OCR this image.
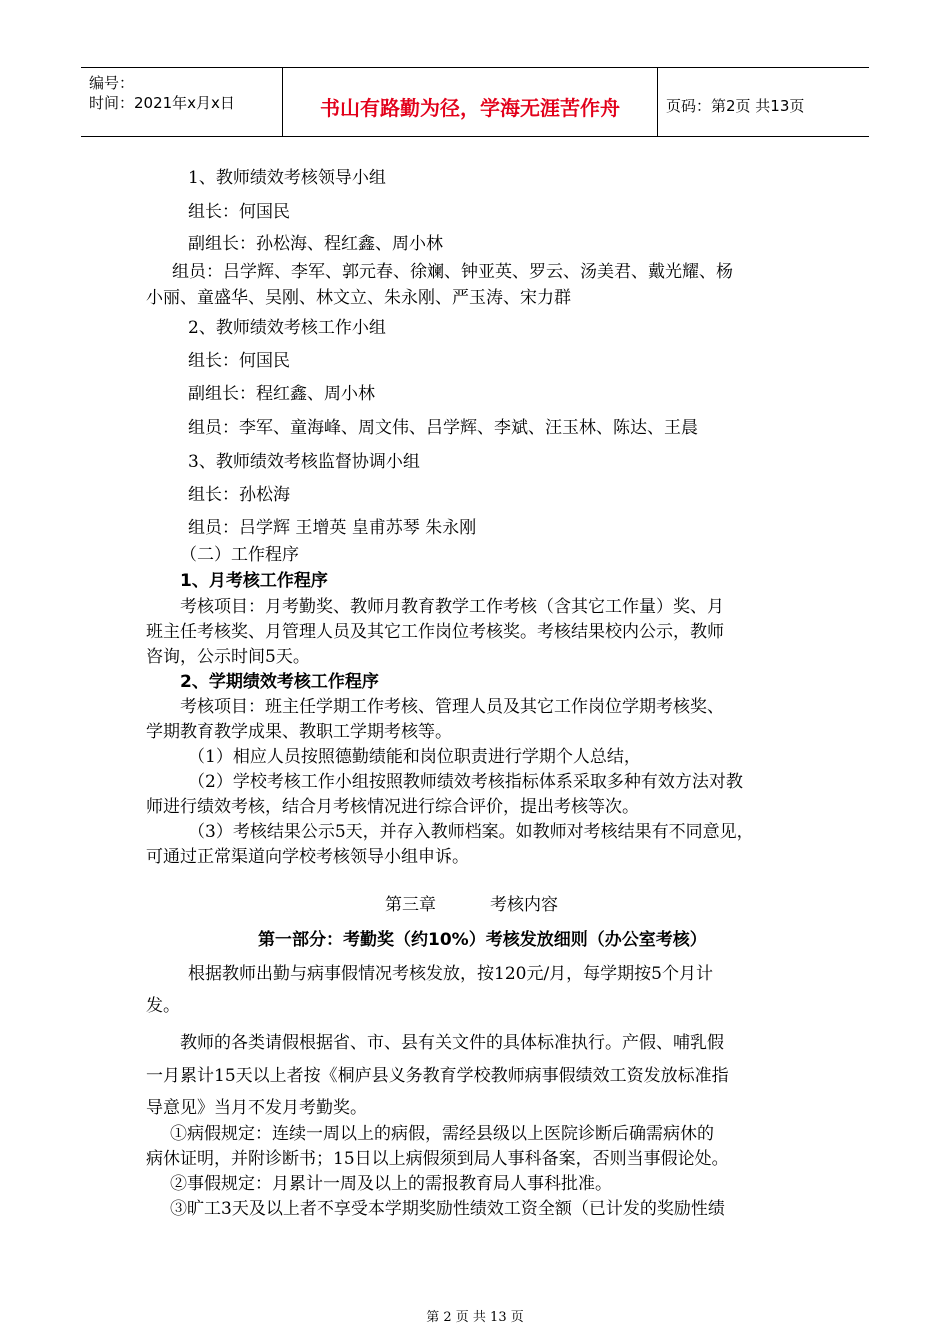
编号：
时间：2021年x月x日	书山有路勤为径，学海无涯苦作舟	页码：第2页 共13页
1、教师绩效考核领导小组
组长：何国民
副组长：孙松海、程红鑫、周小林
组员：吕学辉、李军、郭元春、徐斓、钟亚英、罗云、汤美君、戴光耀、杨
小丽、童盛华、吴刚、林文立、朱永刚、严玉涛、宋力群
2、教师绩效考核工作小组
组长：何国民
副组长：程红鑫、周小林
组员：李军、童海峰、周文伟、吕学辉、李斌、汪玉林、陈达、王晨
3、教师绩效考核监督协调小组
组长：孙松海
组员：吕学辉 王增英 皇甫苏琴 朱永刚
（二）工作程序
1、月考核工作程序
考核项目：月考勤奖、教师月教育教学工作考核（含其它工作量）奖、月
班主任考核奖、月管理人员及其它工作岗位考核奖。考核结果校内公示，教师
咨询，公示时间5天。
2、学期绩效考核工作程序
考核项目：班主任学期工作考核、管理人员及其它工作岗位学期考核奖、
学期教育教学成果、教职工学期考核等。
（1）相应人员按照德勤绩能和岗位职责进行学期个人总结，
（2）学校考核工作小组按照教师绩效考核指标体系采取多种有效方法对教
师进行绩效考核，结合月考核情况进行综合评价，提出考核等次。
（3）考核结果公示5天，并存入教师档案。如教师对考核结果有不同意见，
可通过正常渠道向学校考核领导小组申诉。
第三章          考核内容
第一部分：考勤奖（约10%）考核发放细则（办公室考核）
根据教师出勤与病事假情况考核发放，按120元/月，每学期按5个月计
发。
教师的各类请假根据省、市、县有关文件的具体标准执行。产假、哺乳假
一月累计15天以上者按《桐庐县义务教育学校教师病事假绩效工资发放标准指
导意见》当月不发月考勤奖。
①病假规定：连续一周以上的病假，需经县级以上医院诊断后确需病休的
病休证明，并附诊断书；15日以上病假须到局人事科备案，否则当事假论处。
②事假规定：月累计一周及以上的需报教育局人事科批准。
③旷工3天及以上者不享受本学期奖励性绩效工资全额（已计发的奖励性绩
第 2 页 共 13 页
